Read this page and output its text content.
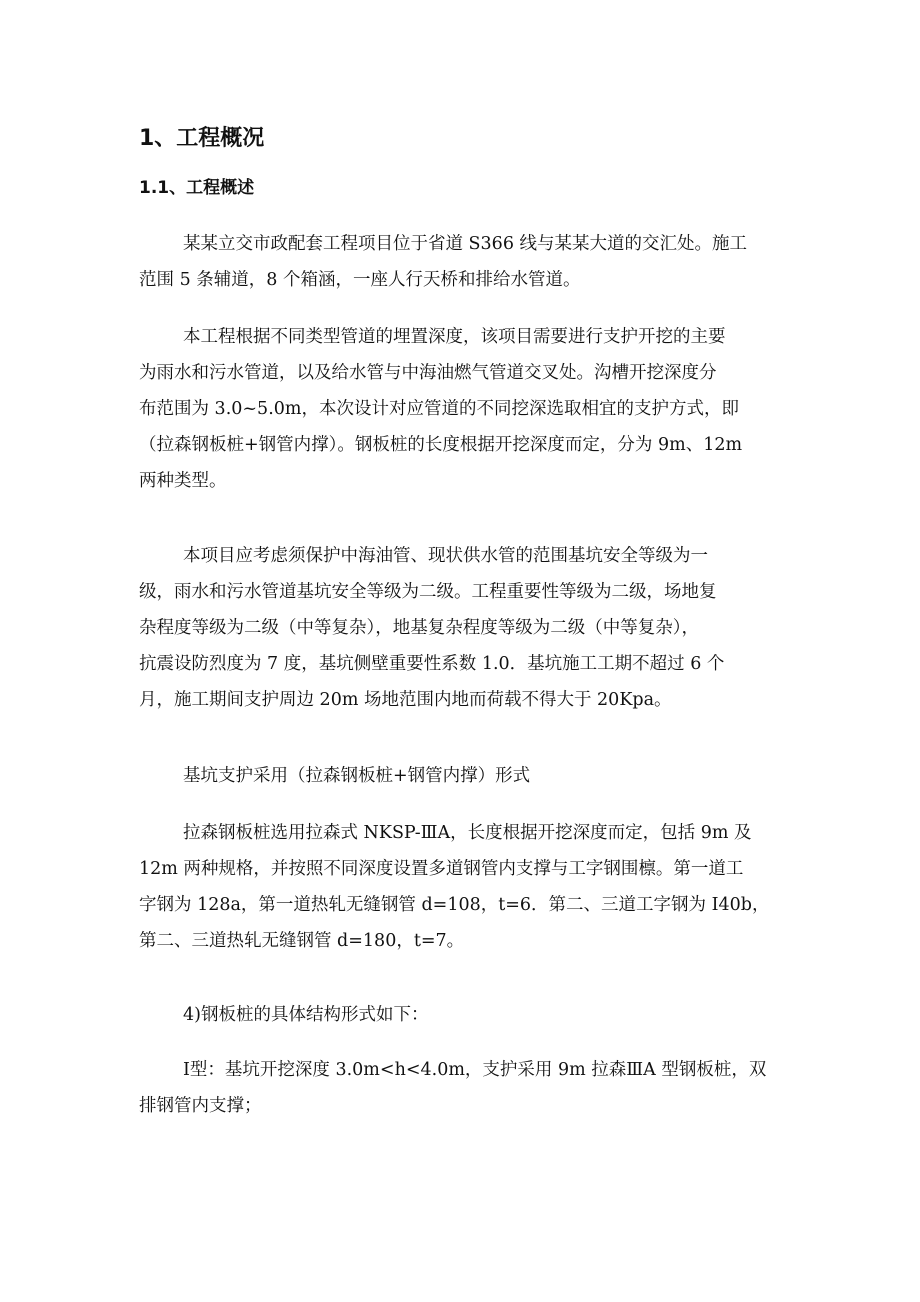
1、工程概况
1.1、工程概述
某某立交市政配套工程项目位于省道 S366 线与某某大道的交汇处。施工
范围 5 条辅道，8 个箱涵，一座人行天桥和排给水管道。
本工程根据不同类型管道的埋置深度，该项目需要进行支护开挖的主要
为雨水和污水管道，以及给水管与中海油燃气管道交叉处。沟槽开挖深度分
布范围为 3.0~5.0m，本次设计对应管道的不同挖深选取相宜的支护方式，即
（拉森钢板桩+钢管内撑）。钢板桩的长度根据开挖深度而定，分为 9m、12m
两种类型。
本项目应考虑须保护中海油管、现状供水管的范围基坑安全等级为一
级，雨水和污水管道基坑安全等级为二级。工程重要性等级为二级，场地复
杂程度等级为二级（中等复杂），地基复杂程度等级为二级（中等复杂），
抗震设防烈度为 7 度，基坑侧壁重要性系数 1.0．基坑施工工期不超过 6 个
月，施工期间支护周边 20m 场地范围内地而荷载不得大于 20Kpa。
基坑支护采用（拉森钢板桩+钢管内撑）形式
拉森钢板桩选用拉森式 NKSP-ⅢA，长度根据开挖深度而定，包括 9m 及
12m 两种规格，并按照不同深度设置多道钢管内支撑与工字钢围檩。第一道工
字钢为 128a，第一道热轧无缝钢管 d=108，t=6．第二、三道工字钢为 I40b，
第二、三道热轧无缝钢管 d=180，t=7。
4)钢板桩的具体结构形式如下：
Ⅰ型：基坑开挖深度 3.0m<h<4.0m，支护采用 9m 拉森ⅢA 型钢板桩，双
排钢管内支撑；
